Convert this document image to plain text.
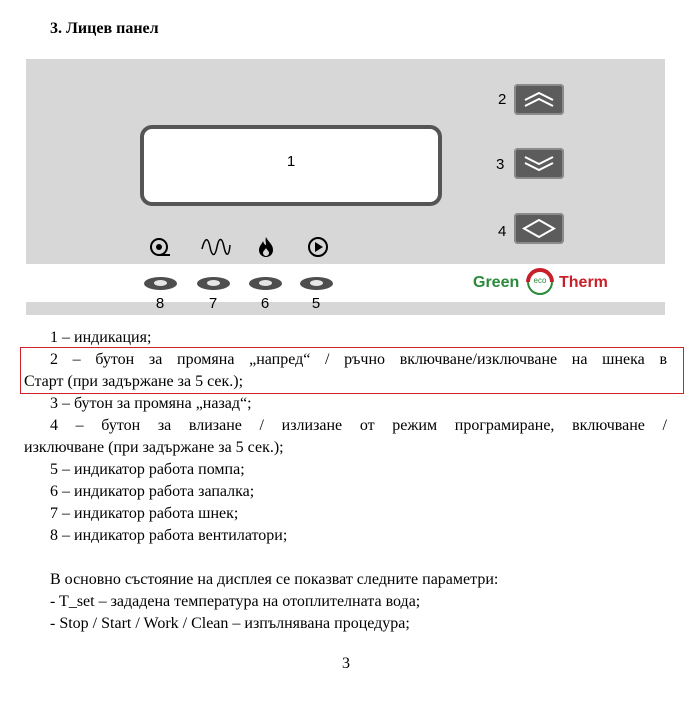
3. Лицев панел
1
2
3
4
8	7	6	5
Green	eco Therm
1 – индикация;
2 – бутон за промяна „напред“ / ръчно включване/изключване на шнека в
Старт (при задържане за 5 сек.);
3 – бутон за промяна „назад“;
4 – бутон за влизане / излизане от режим програмиране, включване /
изключване (при задържане за 5 сек.);
5 – индикатор работа помпа;
6 – индикатор работа запалка;
7 – индикатор работа шнек;
8 – индикатор работа вентилатори;
В основно състояние на дисплея се показват следните параметри:
- T_set – зададена температура на отоплителната вода;
- Stop / Start / Work / Clean – изпълнявана процедура;
3
